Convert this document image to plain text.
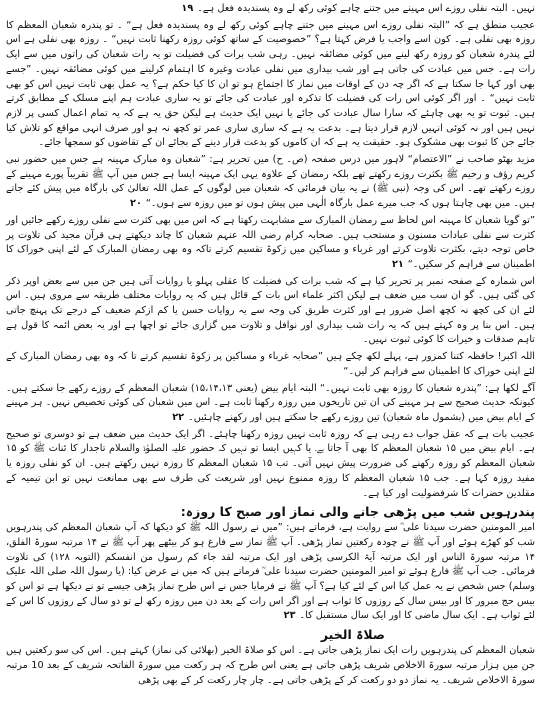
نہیں۔ البتہ نفلی روزے اس مہینے میں جتنے چاہے کوئی رکھ لے وہ پسندیدہ فعل ہے۔۱۹

عجیب منطق ہے کہ ”البتہ نفلی روزے اس مہینے میں جتنے چاہے کوئی رکھ لے وہ پسندیدہ فعل ہے“ ۔ تو پندرہ شعبان المعظم کا روزہ بھی نفلی ہے۔ کون اسے واجب یا فرض کہتا ہے؟ ”خصوصیت کے ساتھ کوئی روزہ رکھنا ثابت نہیں“ ۔ روزہ بھی نفلی ہے اس لئے پندرہ شعبان کو روزہ رکھ لینے میں کوئی مضائقہ نہیں۔ رہی شب برات کی فضیلت تو یہ رات شعبان کی راتوں میں سے ایک رات ہے۔ جس میں عبادت کی جاتی ہے اور شب بیداری میں نفلی عبادت وغیرہ کا اہتمام کرلینے میں کوئی مضائقہ نہیں۔ ”جسے بھی اور کہا جا سکتا ہے کہ اگر چہ دن کے اوقات میں نماز کا اجتماع ہو تو ان کا کیا حکم ہے؟ یہ عمل بھی ثابت نہیں اس کو بھی ثابت نہیں“ ۔ اور اگر کوئی اس رات کی فضیلت کا تذکرہ اور عبادت کی جائے تو یہ ساری عبادت ہم اپنے مسلک کے مطابق کرتے ہیں۔ ثبوت تو یہ بھی چاہئے کہ سارا سال عبادت کی جائے یا نہیں ایک حدیث ہے لیکن حق یہ ہے کہ یہ تمام اعمال کسی پر لازم نہیں ہیں اور نہ کوئی انہیں لازم قرار دیتا ہے۔ بدعت یہ ہے کہ ساری ساری عمر تو کچھ نہ ہو اور صرف انہی مواقع کو تلاش کیا جائے جن کا ثبوت بھی مشکوک ہو۔ حقیقت یہ ہے کہ ان کاموں کو بدعت قرار دینے کے بجائے ان کے تقاضوں کو سمجھا جائے۔

مزید بھٹو صاحب نے ”الاعتصام“ لاہور میں درس صفحہ (ص۔ ح) میں تحریر ہے: ”شعبان وہ مبارک مہینہ ہے جس میں حضور نبی کریم رؤف و رحیم ﷺ بکثرت روزے رکھتے تھے بلکہ رمضان کے علاوہ یہی ایک مہینہ ایسا ہے جس میں آپ ﷺ تقریباً پورے مہینے کے روزے رکھتے تھے۔ اس کی وجہ (نبی ﷺ) نے یہ بیان فرمائی کہ شعبان میں لوگوں کے عمل اللہ تعالیٰ کی بارگاہ میں پیش کئے جاتے ہیں۔ میں بھی چاہتا ہوں کہ جب میرے عمل بارگاہ الٰہی میں پیش ہوں تو میں روزہ سے ہوں۔“۲۰

”تو گویا شعبان کا مہینہ اس لحاظ سے رمضان المبارک سے مشابہت رکھتا ہے کہ اس میں بھی کثرت سے نفلی روزے رکھے جائیں اور کثرت سے نفلی عبادات مسنون و مستحب ہیں۔ صحابہ کرام رضی اللہ عنہم شعبان کا چاند دیکھتے ہی قرآن مجید کی تلاوت پر خاص توجہ دیتے، بکثرت تلاوت کرتے اور غرباء و مساکین میں زکوۃ تقسیم کرتے تاکہ وہ بھی رمضان المبارک کے لئے اپنی خوراک کا اطمینان سے فراہم کر سکیں۔“۲۱

اس شمارہ کے صفحہ نمبر پر تحریر کیا ہے کہ شب برات کی فضیلت کا عقلی پہلو یا روایات آتی ہیں جن میں سے بعض اوپر ذکر کی گئی ہیں۔ گو ان سب میں ضعف ہے لیکن اکثر علماء اس بات کے قائل ہیں کہ یہ روایات مختلف طریقہ سے مروی ہیں۔ اس لئے ان کی کچھ نہ کچھ اصل ضرور ہے اور کثرت طریق کی وجہ سے یہ روایات حسن یا کم ازکم ضعیف کے درجے تک پہنچ جاتی ہیں۔ اس بنا پر وہ کہتے ہیں کہ یہ رات شب بیداری اور نوافل و تلاوت میں گزاری جائے تو اچھا ہے اور یہ بعض ائمہ کا قول ہے تاہم صدقات و خیرات کا کوئی ثبوت نہیں۔

اللہ اکبر! حافظہ کتنا کمزور ہے، پہلے لکھ چکے ہیں ”صحابہ غرباء و مساکین پر زکوۃ تقسیم کرتے تا کہ وہ بھی رمضان المبارک کے لئے اپنی خوراک کا اطمینان سے فراہم کر لیں۔“

آگے لکھا ہے: ”پندرہ شعبان کا روزہ بھی ثابت نہیں۔“ البتہ ایام بیض (یعنی ۱۵،۱۴،۱۳) شعبان المعظم کے روزے رکھے جا سکتے ہیں۔ کیونکہ حدیث صحیح سے ہر مہینے کی ان تین تاریخوں میں روزہ رکھنا ثابت ہے۔ اس میں شعبان کی کوئی تخصیص نہیں۔ ہر مہینے کے ایام بیض میں (بشمول ماہ شعبان) تین روزے رکھے جا سکتے ہیں اور رکھنے چاہئیں۔۲۲

عجیب بات ہے کہ عقل جواب دے رہی ہے کہ روزہ ثابت نہیں روزہ رکھنا چاہئے۔ اگر ایک حدیث میں ضعف ہے تو دوسری تو صحیح ہے۔ ایام بیض میں ۱۵ شعبان المعظم کا بھی آ جاتا ہے۔ یا کہیں ایسا تو نہیں کہ حضور علیہ الصلوٰۃ والسلام تاجدار کا ئنات ﷺ کو ۱۵ شعبان المعظم کو روزہ رکھنے کی ضرورت پیش نہیں آتی۔ تب ۱۵ شعبان المعظم کا روزہ نہیں رکھتے ہیں۔ ان کو نفلی روزہ یا مفید روزہ کہا ہے۔ جب ۱۵ شعبان المعظم کا روزہ ممنوع نہیں اور شریعت کی طرف سے بھی ممانعت نہیں تو ابن تیمیہ کے مقلدین حضرات کا شرفضولیت اور کیا ہے۔

پندرہویں شب میں پڑھی جانے والی نماز اور صبح کا روزہ:

امیر المومنین حضرت سیدنا علی ؓ سے روایت ہے، فرماتے ہیں: ”میں نے رسول اللہ ﷺ کو دیکھا کہ آپ شعبان المعظم کی پندرہویں شب کو کھڑے ہوئے اور آپ ﷺ نے چودہ رکعتیں نماز پڑھی۔ آپ ﷺ نماز سے فارغ ہو کر بیٹھے پھر آپ ﷺ نے ۱۴ مرتبہ سورۃ الفلق، ۱۴ مرتبہ سورۃ الناس اور ایک مرتبہ آیۃ الکرسی پڑھی اور ایک مرتبہ لقد جاء کم رسول من انفسکم (التوبہ ۱۲۸) کی تلاوت فرمائی۔ جب آپ ﷺ فارغ ہوئے تو امیر المومنین حضرت سیدنا علی ؓ فرماتے ہیں کہ میں نے عرض کیا: (یا رسول اللہ صلی اللہ علیک وسلم) جس شخص نے یہ عمل کیا اس کے لئے کیا ہے؟ آپ ﷺ نے فرمایا جس نے اس طرح نماز پڑھی جیسے تو نے دیکھا ہے تو اس کو بیس حج مبرور کا اور بیس سال کے روزوں کا ثواب ہے اور اگر اس رات کے بعد دن میں روزہ رکھ لے تو دو سال کے روزوں کا اس کے لئے ثواب ہے۔ ایک سال ماضی کا اور ایک سال مستقبل کا۔۲۳

صلاۃ الخیر

شعبان المعظم کی پندرہویں رات ایک نماز پڑھی جاتی ہے۔ اس کو صلاۃ الخیر (بھلائی کی نماز) کہتے ہیں۔ اس کی سو رکعتیں ہیں جن میں ہزار مرتبہ سورۃ الاخلاص شریف پڑھی جاتی ہے یعنی اس طرح کہ ہر رکعت میں سورۃ الفاتحہ شریف کے بعد 10 مرتبہ سورۃ الاخلاص شریف۔ یہ نماز دو دو رکعت کر کے پڑھی جاتی ہے۔ چار چار رکعت کر کے بھی پڑھی
